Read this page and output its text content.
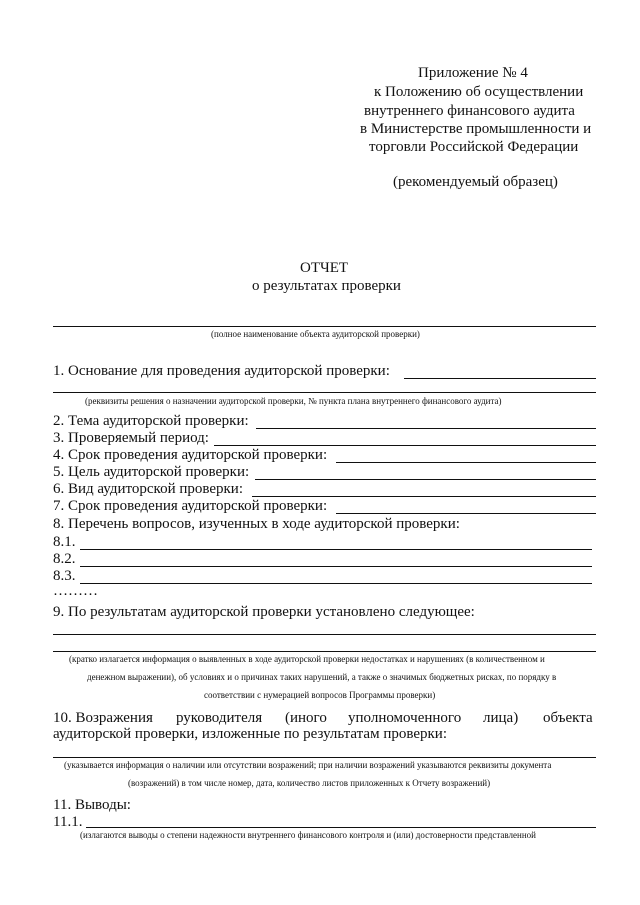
Приложение № 4
к Положению об осуществлении
внутреннего финансового аудита
в Министерстве промышленности и
торговли Российской Федерации
(рекомендуемый образец)
ОТЧЕТ
о результатах проверки
(полное наименование объекта аудиторской проверки)
1. Основание для проведения аудиторской проверки:
(реквизиты решения о назначении аудиторской проверки, № пункта плана внутреннего финансового аудита)
2. Тема аудиторской проверки:
3. Проверяемый период:
4. Срок проведения аудиторской проверки:
5. Цель аудиторской проверки:
6. Вид аудиторской проверки:
7. Срок проведения аудиторской проверки:
8. Перечень вопросов, изученных в ходе аудиторской проверки:
8.1.
8.2.
8.3.
………
9. По результатам аудиторской проверки установлено следующее:
(кратко излагается информация о выявленных в ходе аудиторской проверки недостатках и нарушениях (в количественном и
денежном выражении), об условиях и о причинах таких нарушений, а также о значимых бюджетных рисках, по порядку в
соответствии с нумерацией вопросов Программы проверки)
10. Возражения руководителя (иного уполномоченного лица) объекта
аудиторской проверки, изложенные по результатам проверки:
(указывается информация о наличии или отсутствии возражений; при наличии возражений указываются реквизиты документа
(возражений) в том числе номер, дата, количество листов приложенных к Отчету возражений)
11. Выводы:
11.1.
(излагаются выводы о степени надежности внутреннего финансового контроля и (или) достоверности представленной
